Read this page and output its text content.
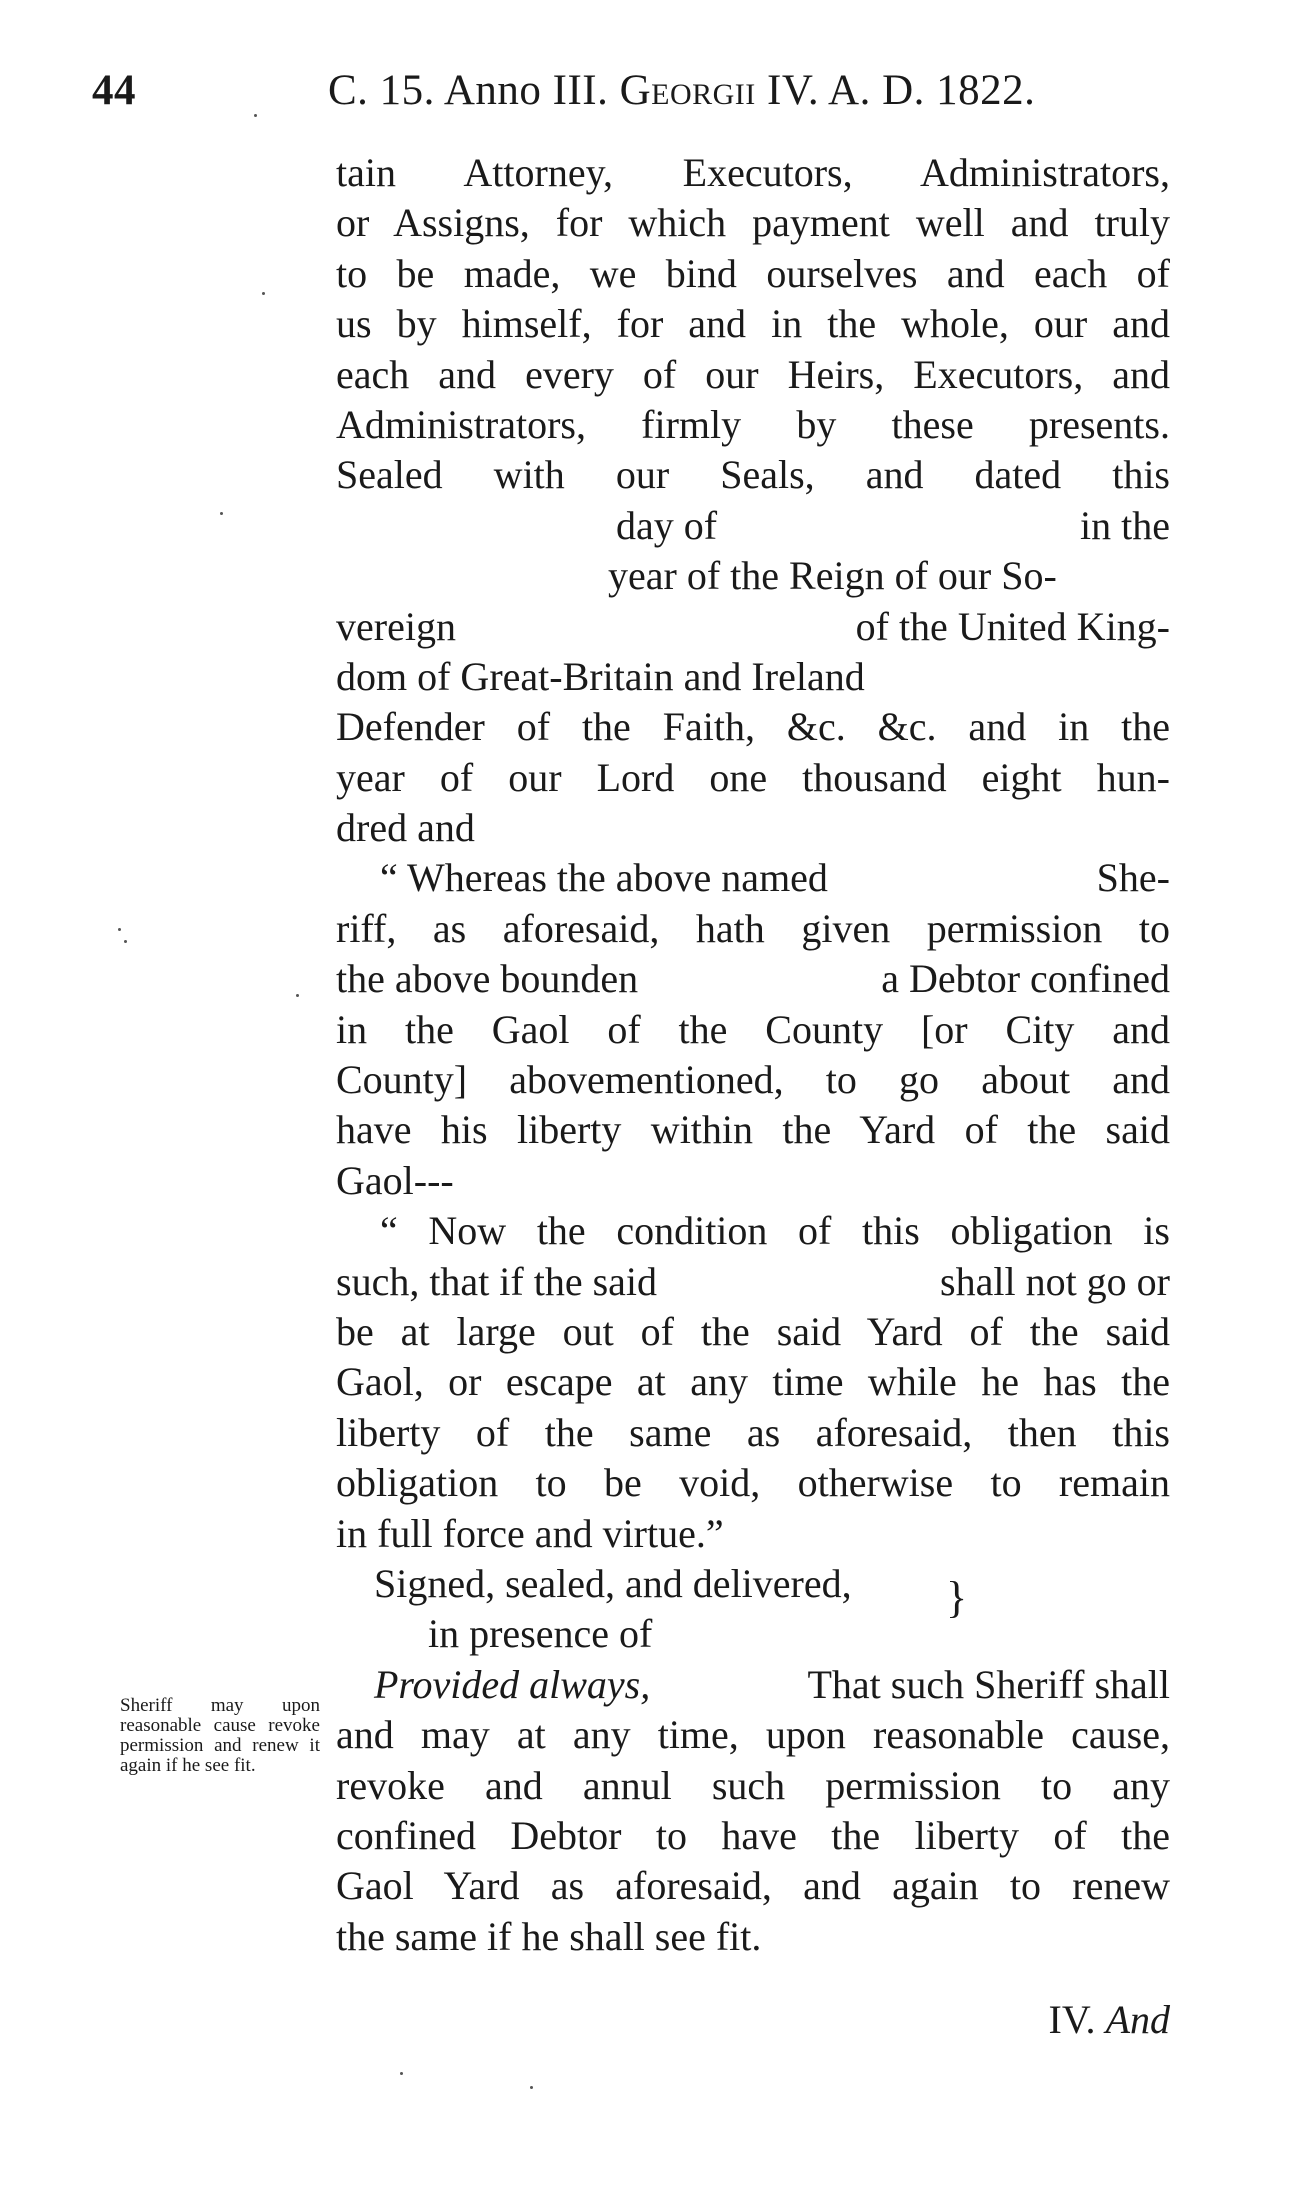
44	C. 15. Anno III. Georgii IV. A. D. 1822.
tain Attorney, Executors, Administrators,
or Assigns, for which payment well and truly
to be made, we bind ourselves and each of
us by himself, for and in the whole, our and
each and every of our Heirs, Executors, and
Administrators, firmly by these presents.
Sealed with our Seals, and dated this
day of	in the
year of the Reign of our So-
vereign	of the United King-
dom of Great-Britain and Ireland
Defender of the Faith, &c. &c. and in the
year of our Lord one thousand eight hun-
dred and
“ Whereas the above named	She-
riff, as aforesaid, hath given permission to
the above bounden	a Debtor confined
in the Gaol of the County [or City and
County] abovementioned, to go about and
have his liberty within the Yard of the said
Gaol---
“ Now the condition of this obligation is
such, that if the said	shall not go or
be at large out of the said Yard of the said
Gaol, or escape at any time while he has the
liberty of the same as aforesaid, then this
obligation to be void, otherwise to remain
in full force and virtue.”
Signed, sealed, and delivered, }
in presence of
Provided always,	That such Sheriff shall
and may at any time, upon reasonable cause,
revoke and annul such permission to any
confined Debtor to have the liberty of the
Gaol Yard as aforesaid, and again to renew
the same if he shall see fit.
Sheriff may upon reasonable cause revoke permission and renew it again if he see fit.
IV. And
